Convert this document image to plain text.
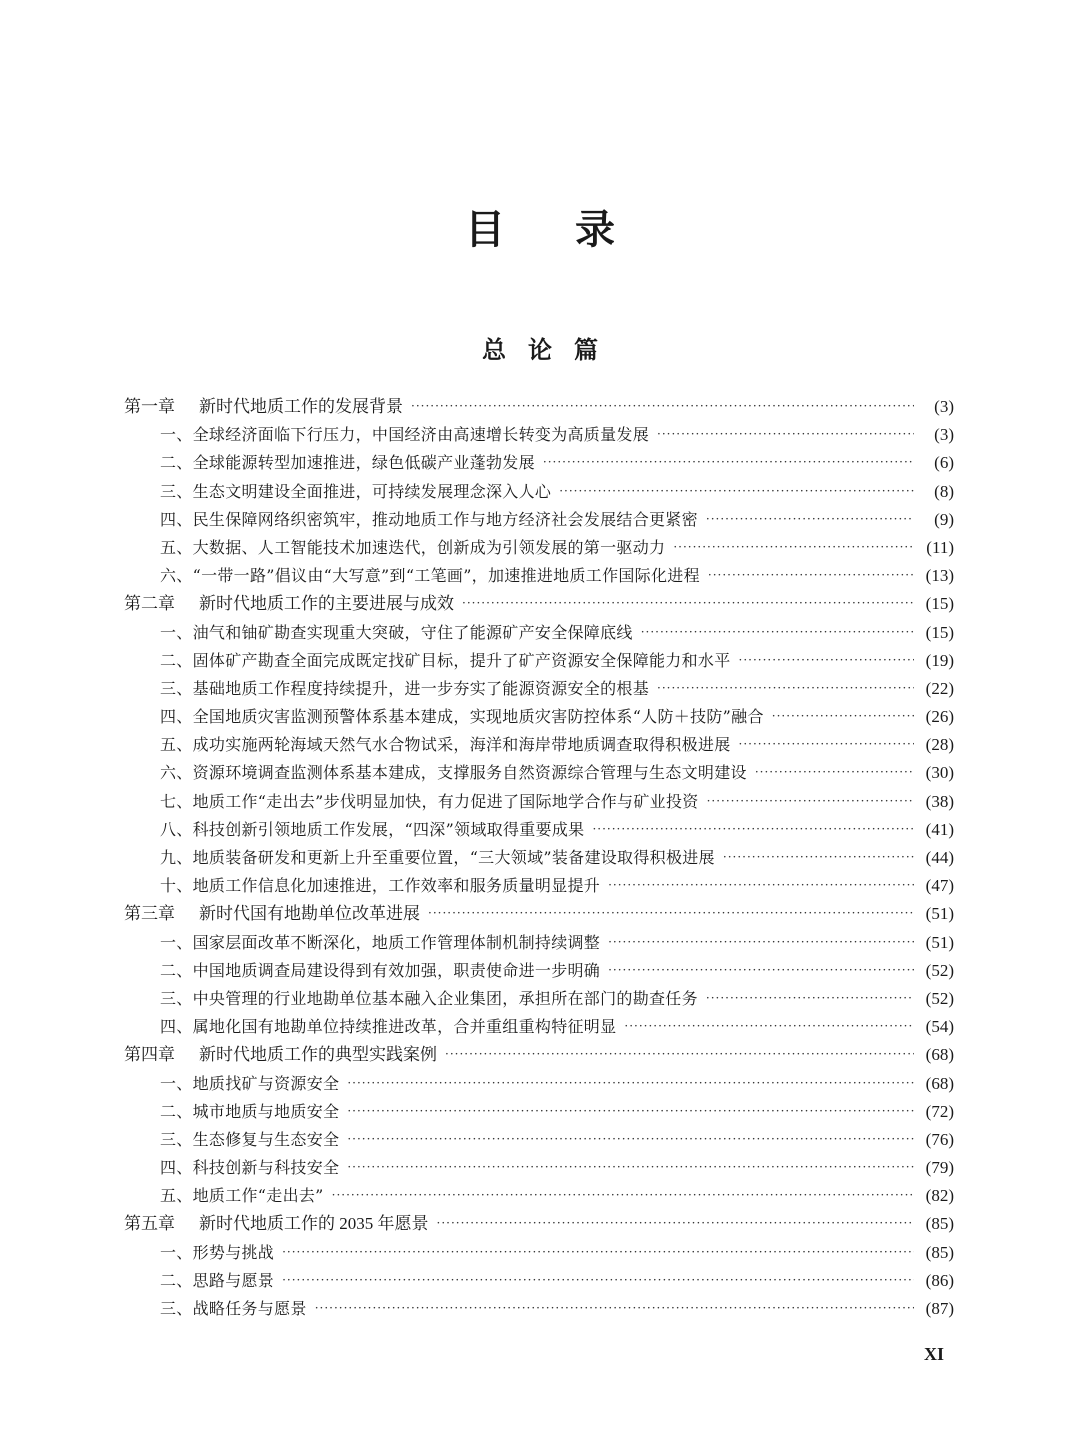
目 录
总 论 篇
第一章	新时代地质工作的发展背景 ·····	(3)
一、全球经济面临下行压力，中国经济由高速增长转变为高质量发展 ·····	(3)
二、全球能源转型加速推进，绿色低碳产业蓬勃发展 ·····	(6)
三、生态文明建设全面推进，可持续发展理念深入人心 ·····	(8)
四、民生保障网络织密筑牢，推动地质工作与地方经济社会发展结合更紧密 ·····	(9)
五、大数据、人工智能技术加速迭代，创新成为引领发展的第一驱动力 ·····	(11)
六、“一带一路”倡议由“大写意”到“工笔画”，加速推进地质工作国际化进程 ·····	(13)
第二章	新时代地质工作的主要进展与成效 ·····	(15)
一、油气和铀矿勘查实现重大突破，守住了能源矿产安全保障底线 ·····	(15)
二、固体矿产勘查全面完成既定找矿目标，提升了矿产资源安全保障能力和水平 ·····	(19)
三、基础地质工作程度持续提升，进一步夯实了能源资源安全的根基 ·····	(22)
四、全国地质灾害监测预警体系基本建成，实现地质灾害防控体系“人防＋技防”融合 ·····	(26)
五、成功实施两轮海域天然气水合物试采，海洋和海岸带地质调查取得积极进展 ·····	(28)
六、资源环境调查监测体系基本建成，支撑服务自然资源综合管理与生态文明建设 ·····	(30)
七、地质工作“走出去”步伐明显加快，有力促进了国际地学合作与矿业投资 ·····	(38)
八、科技创新引领地质工作发展，“四深”领域取得重要成果 ·····	(41)
九、地质装备研发和更新上升至重要位置，“三大领域”装备建设取得积极进展 ·····	(44)
十、地质工作信息化加速推进，工作效率和服务质量明显提升 ·····	(47)
第三章	新时代国有地勘单位改革进展 ·····	(51)
一、国家层面改革不断深化，地质工作管理体制机制持续调整 ·····	(51)
二、中国地质调查局建设得到有效加强，职责使命进一步明确 ·····	(52)
三、中央管理的行业地勘单位基本融入企业集团，承担所在部门的勘查任务 ·····	(52)
四、属地化国有地勘单位持续推进改革，合并重组重构特征明显 ·····	(54)
第四章	新时代地质工作的典型实践案例 ·····	(68)
一、地质找矿与资源安全 ·····	(68)
二、城市地质与地质安全 ·····	(72)
三、生态修复与生态安全 ·····	(76)
四、科技创新与科技安全 ·····	(79)
五、地质工作“走出去” ·····	(82)
第五章	新时代地质工作的 2035 年愿景 ·····	(85)
一、形势与挑战 ·····	(85)
二、思路与愿景 ·····	(86)
三、战略任务与愿景 ·····	(87)
XI
